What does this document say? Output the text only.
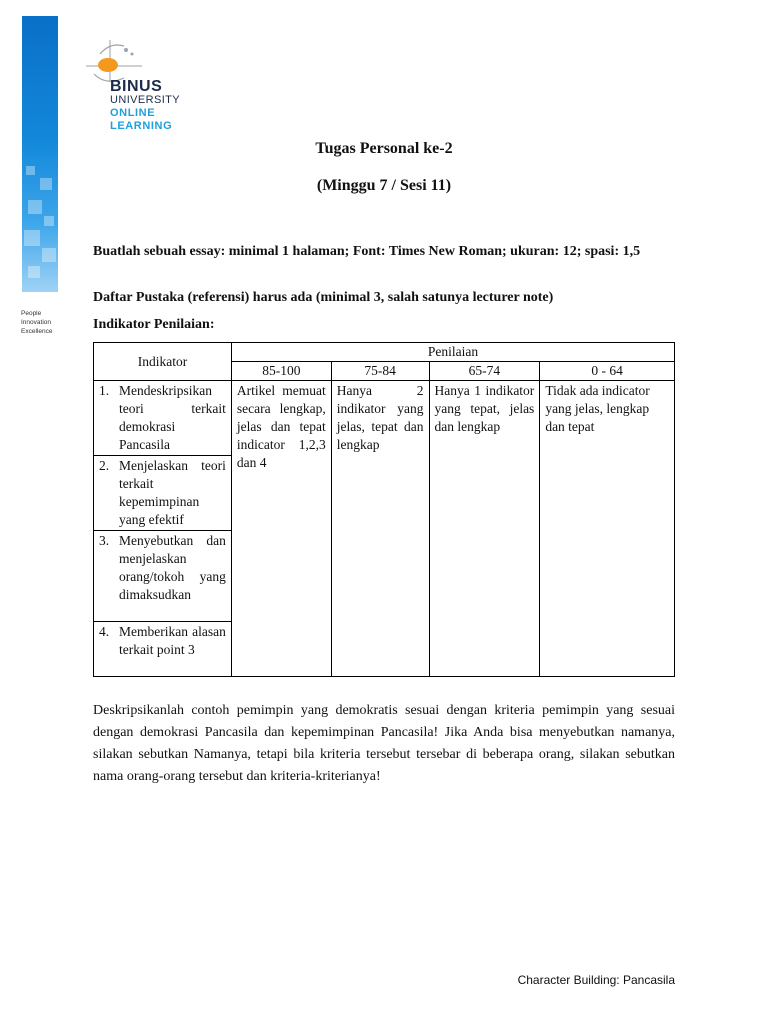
People
Innovation
Excellence
BINUS
UNIVERSITY
ONLINE
LEARNING
Tugas Personal ke-2
(Minggu 7 / Sesi 11)
Buatlah sebuah essay: minimal 1 halaman; Font: Times New Roman; ukuran: 12; spasi: 1,5
Daftar Pustaka (referensi) harus ada (minimal 3, salah satunya lecturer note)
Indikator Penilaian:
Indikator	Penilaian			
	85-100	75-84	65-74	0 - 64

1. Mendeskripsikan teori terkait demokrasi Pancasila	Artikel memuat secara lengkap, jelas dan tepat indicator 1,2,3 dan 4	Hanya 2 indikator yang jelas, tepat dan lengkap	Hanya 1 indikator yang tepat, jelas dan lengkap	Tidak ada indicator yang jelas, lengkap dan tepat

2. Menjelaskan teori terkait kepemimpinan yang efektif				

3. Menyebutkan dan menjelaskan orang/tokoh yang dimaksudkan				

4. Memberikan alasan terkait point 3				
Deskripsikanlah contoh pemimpin yang demokratis sesuai dengan kriteria pemimpin yang sesuai dengan demokrasi Pancasila dan kepemimpinan Pancasila! Jika Anda bisa menyebutkan namanya, silakan sebutkan Namanya, tetapi bila kriteria tersebut tersebar di beberapa orang, silakan sebutkan nama orang-orang tersebut dan kriteria-kriterianya!
Character Building: Pancasila
